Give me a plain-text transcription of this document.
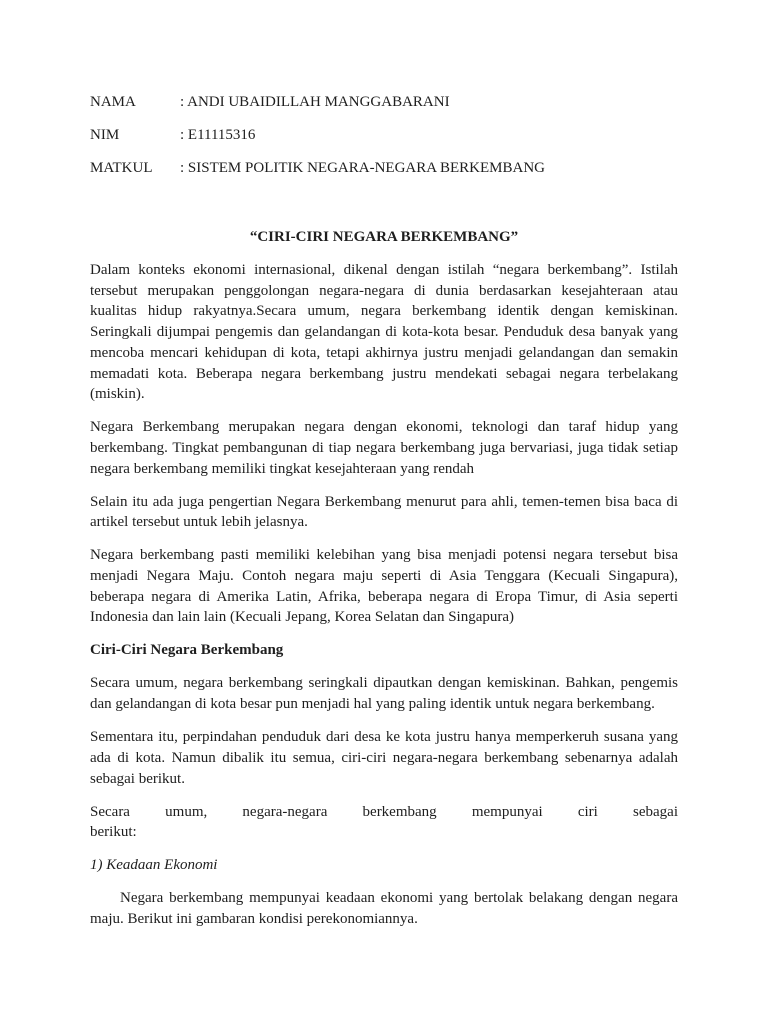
NAMA	: ANDI UBAIDILLAH MANGGABARANI
NIM	: E11115316
MATKUL : SISTEM POLITIK NEGARA-NEGARA BERKEMBANG
“CIRI-CIRI NEGARA BERKEMBANG”
Dalam konteks ekonomi internasional, dikenal dengan istilah “negara berkembang”. Istilah
tersebut merupakan penggolongan negara-negara di dunia berdasarkan kesejahteraan atau
kualitas hidup rakyatnya.Secara umum, negara berkembang identik dengan kemiskinan.
Seringkali dijumpai pengemis dan gelandangan di kota-kota besar. Penduduk desa banyak yang
mencoba mencari kehidupan di kota, tetapi akhirnya justru menjadi gelandangan dan semakin
memadati kota. Beberapa negara berkembang justru mendekati sebagai negara terbelakang
(miskin).
Negara Berkembang merupakan negara dengan ekonomi, teknologi dan taraf hidup yang
berkembang. Tingkat pembangunan di tiap negara berkembang juga bervariasi, juga tidak setiap
negara berkembang memiliki tingkat kesejahteraan yang rendah
Selain itu ada juga pengertian Negara Berkembang menurut para ahli, temen-temen bisa baca di
artikel tersebut untuk lebih jelasnya.
Negara berkembang pasti memiliki kelebihan yang bisa menjadi potensi negara tersebut bisa
menjadi Negara Maju. Contoh negara maju seperti di Asia Tenggara (Kecuali Singapura),
beberapa negara di Amerika Latin, Afrika, beberapa negara di Eropa Timur, di Asia seperti
Indonesia dan lain lain (Kecuali Jepang, Korea Selatan dan Singapura)
Ciri-Ciri Negara Berkembang
Secara umum, negara berkembang seringkali dipautkan dengan kemiskinan. Bahkan, pengemis
dan gelandangan di kota besar pun menjadi hal yang paling identik untuk negara berkembang.
Sementara itu, perpindahan penduduk dari desa ke kota justru hanya memperkeruh susana yang
ada di kota. Namun dibalik itu semua, ciri-ciri negara-negara berkembang sebenarnya adalah
sebagai berikut.
Secara umum, negara-negara berkembang mempunyai ciri sebagai
berikut:
1) Keadaan Ekonomi
Negara berkembang mempunyai keadaan ekonomi yang bertolak belakang dengan negara
maju. Berikut ini gambaran kondisi perekonomiannya.
